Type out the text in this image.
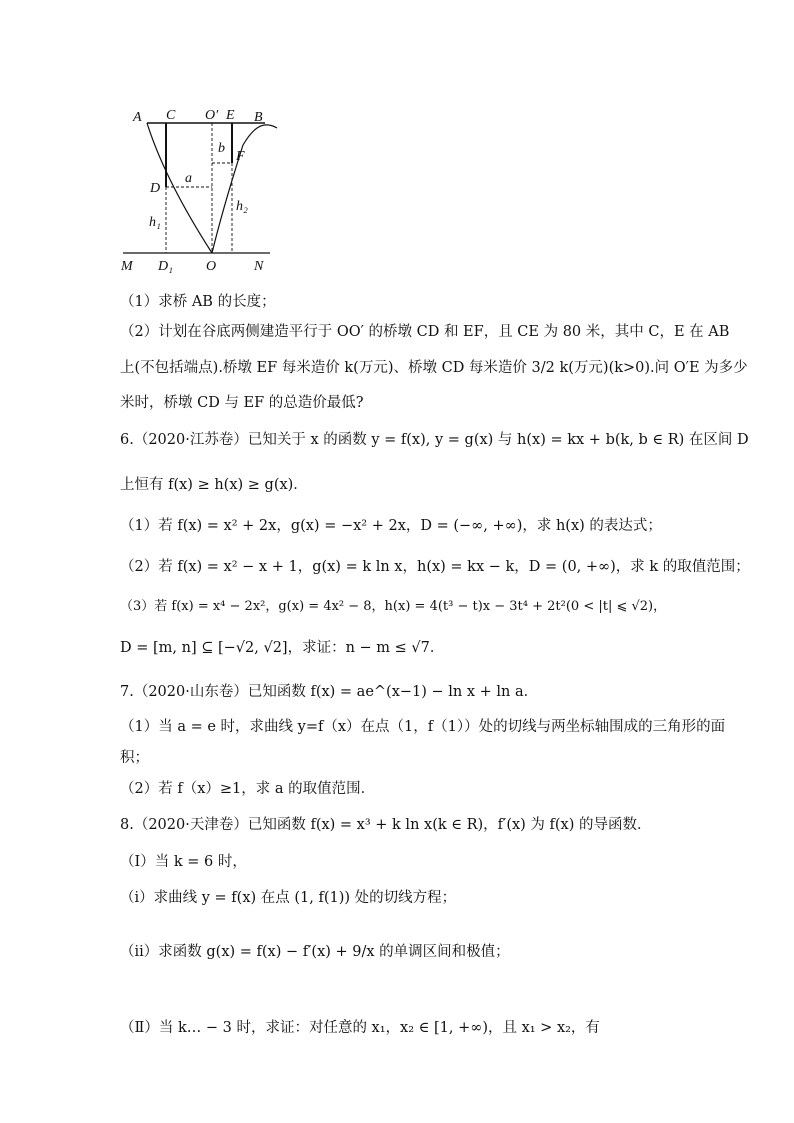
A C O′ E B
b
F
D
a
h₁
h₂
M D₁ O	N
（1）求桥 AB 的长度；
（2）计划在谷底两侧建造平行于 OO′ 的桥墩 CD 和 EF，且 CE 为 80 米，其中 C，E 在 AB
上(不包括端点).桥墩 EF 每米造价 k(万元)、桥墩 CD 每米造价 3/2 k(万元)(k>0).问 O′E 为多少
米时，桥墩 CD 与 EF 的总造价最低?
6.（2020·江苏卷）已知关于 x 的函数 y = f(x), y = g(x) 与 h(x) = kx + b(k, b ∈ R) 在区间 D
上恒有 f(x) ≥ h(x) ≥ g(x)．
（1）若 f(x) = x² + 2x，g(x) = −x² + 2x，D = (−∞, +∞)，求 h(x) 的表达式；
（2）若 f(x) = x² − x + 1，g(x) = k ln x，h(x) = kx − k，D = (0, +∞)，求 k 的取值范围；
（3）若 f(x) = x⁴ − 2x²，g(x) = 4x² − 8，h(x) = 4(t³ − t)x − 3t⁴ + 2t²(0 < |t| ⩽ √2)，
D = [m, n] ⊆ [−√2, √2]，求证：n − m ≤ √7．
7.（2020·山东卷）已知函数 f(x) = ae^(x−1) − ln x + ln a．
（1）当 a = e 时，求曲线 y=f（x）在点（1，f（1））处的切线与两坐标轴围成的三角形的面
积；
（2）若 f（x）≥1，求 a 的取值范围．
8.（2020·天津卷）已知函数 f(x) = x³ + k ln x(k ∈ R)，f′(x) 为 f(x) 的导函数．
（Ⅰ）当 k = 6 时，
（i）求曲线 y = f(x) 在点 (1, f(1)) 处的切线方程；
（ii）求函数 g(x) = f(x) − f′(x) + 9/x 的单调区间和极值；
（Ⅱ）当 k… − 3 时，求证：对任意的 x₁，x₂ ∈ [1, +∞)，且 x₁ > x₂，有
